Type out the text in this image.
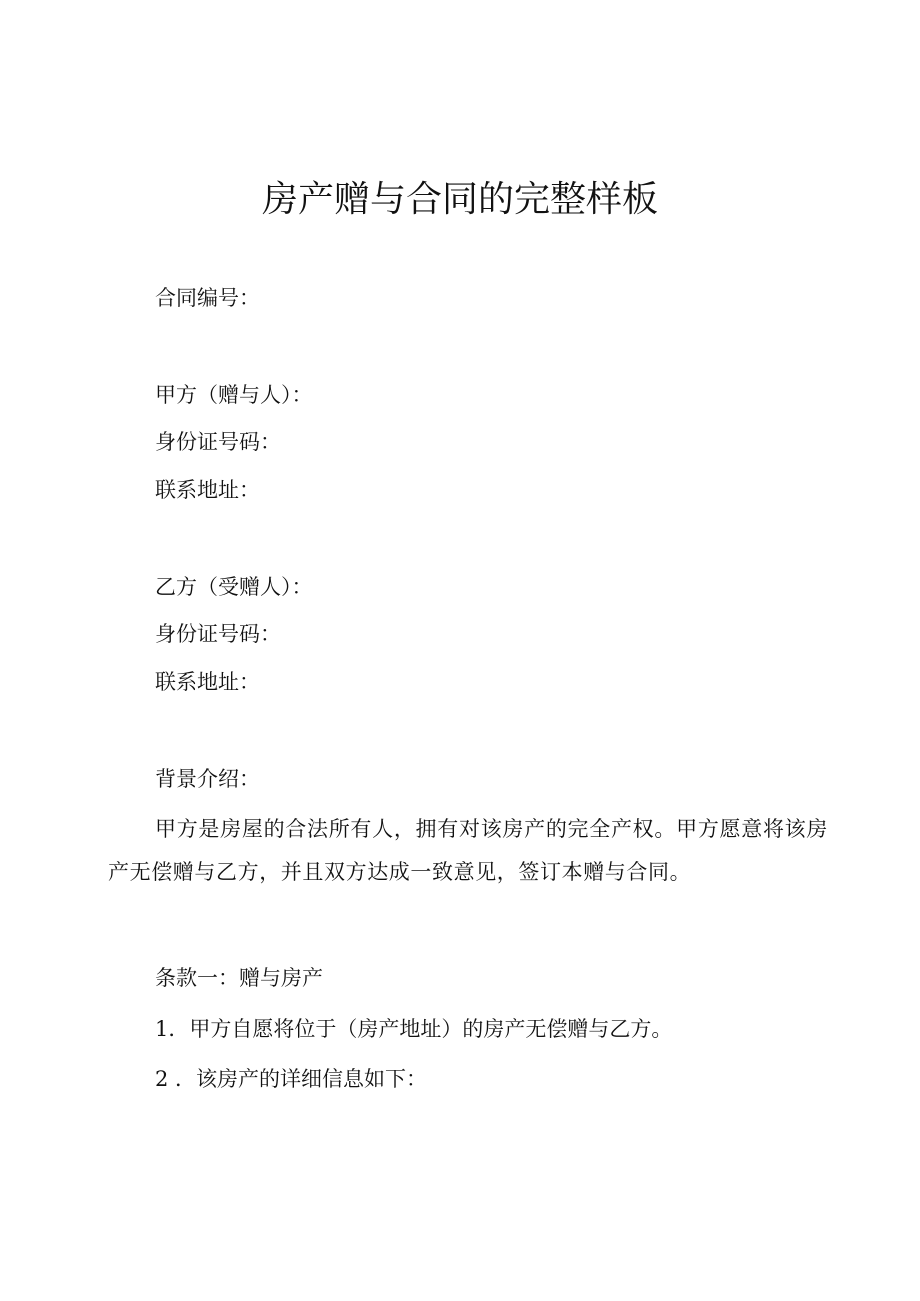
房产赠与合同的完整样板
合同编号：
甲方（赠与人）：
身份证号码：
联系地址：
乙方（受赠人）：
身份证号码：
联系地址：
背景介绍：
甲方是房屋的合法所有人，拥有对该房产的完全产权。甲方愿意将该房产无偿赠与乙方，并且双方达成一致意见，签订本赠与合同。
条款一：赠与房产
1．甲方自愿将位于（房产地址）的房产无偿赠与乙方。
2 ．该房产的详细信息如下：
